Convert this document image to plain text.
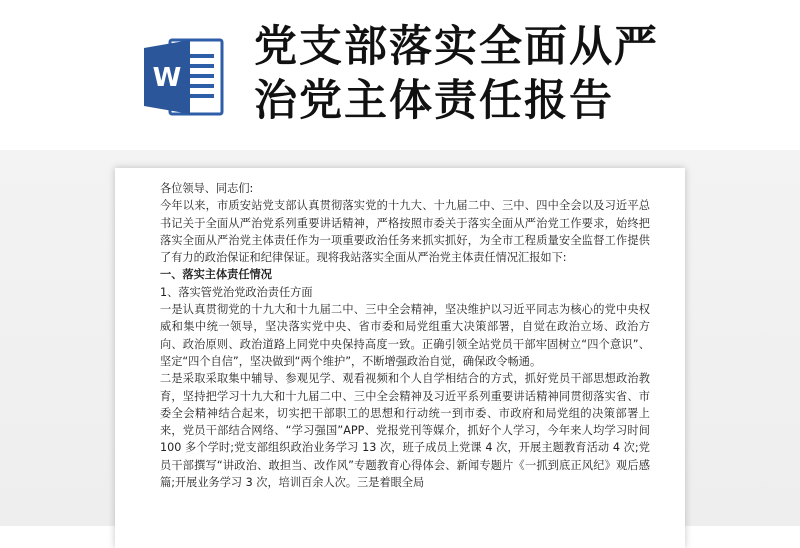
W
党支部落实全面从严
治党主体责任报告

各位领导、同志们:

今年以来，市质安站党支部认真贯彻落实党的十九大、十九届二中、三中、四中全会以及习近平总书记关于全面从严治党系列重要讲话精神，严格按照市委关于落实全面从严治党工作要求，始终把落实全面从严治党主体责任作为一项重要政治任务来抓实抓好，为全市工程质量安全监督工作提供了有力的政治保证和纪律保证。现将我站落实全面从严治党主体责任情况汇报如下:

一、落实主体责任情况

1、落实管党治党政治责任方面

一是认真贯彻党的十九大和十九届二中、三中全会精神，坚决维护以习近平同志为核心的党中央权威和集中统一领导，坚决落实党中央、省市委和局党组重大决策部署，自觉在政治立场、政治方向、政治原则、政治道路上同党中央保持高度一致。正确引领全站党员干部牢固树立“四个意识”、坚定“四个自信”，坚决做到“两个维护”，不断增强政治自觉，确保政令畅通。

二是采取采取集中辅导、参观见学、观看视频和个人自学相结合的方式，抓好党员干部思想政治教育，坚持把学习十九大和十九届二中、三中全会精神及习近平系列重要讲话精神同贯彻落实省、市委全会精神结合起来，切实把干部职工的思想和行动统一到市委、市政府和局党组的决策部署上来，党员干部结合网络、“学习强国”APP、党报党刊等媒介，抓好个人学习，今年来人均学习时间 100 多个学时;党支部组织政治业务学习 13 次，班子成员上党课 4 次，开展主题教育活动 4 次;党员干部撰写“讲政治、敢担当、改作风”专题教育心得体会、新闻专题片《一抓到底正风纪》观后感篇;开展业务学习 3 次，培训百余人次。三是着眼全局
